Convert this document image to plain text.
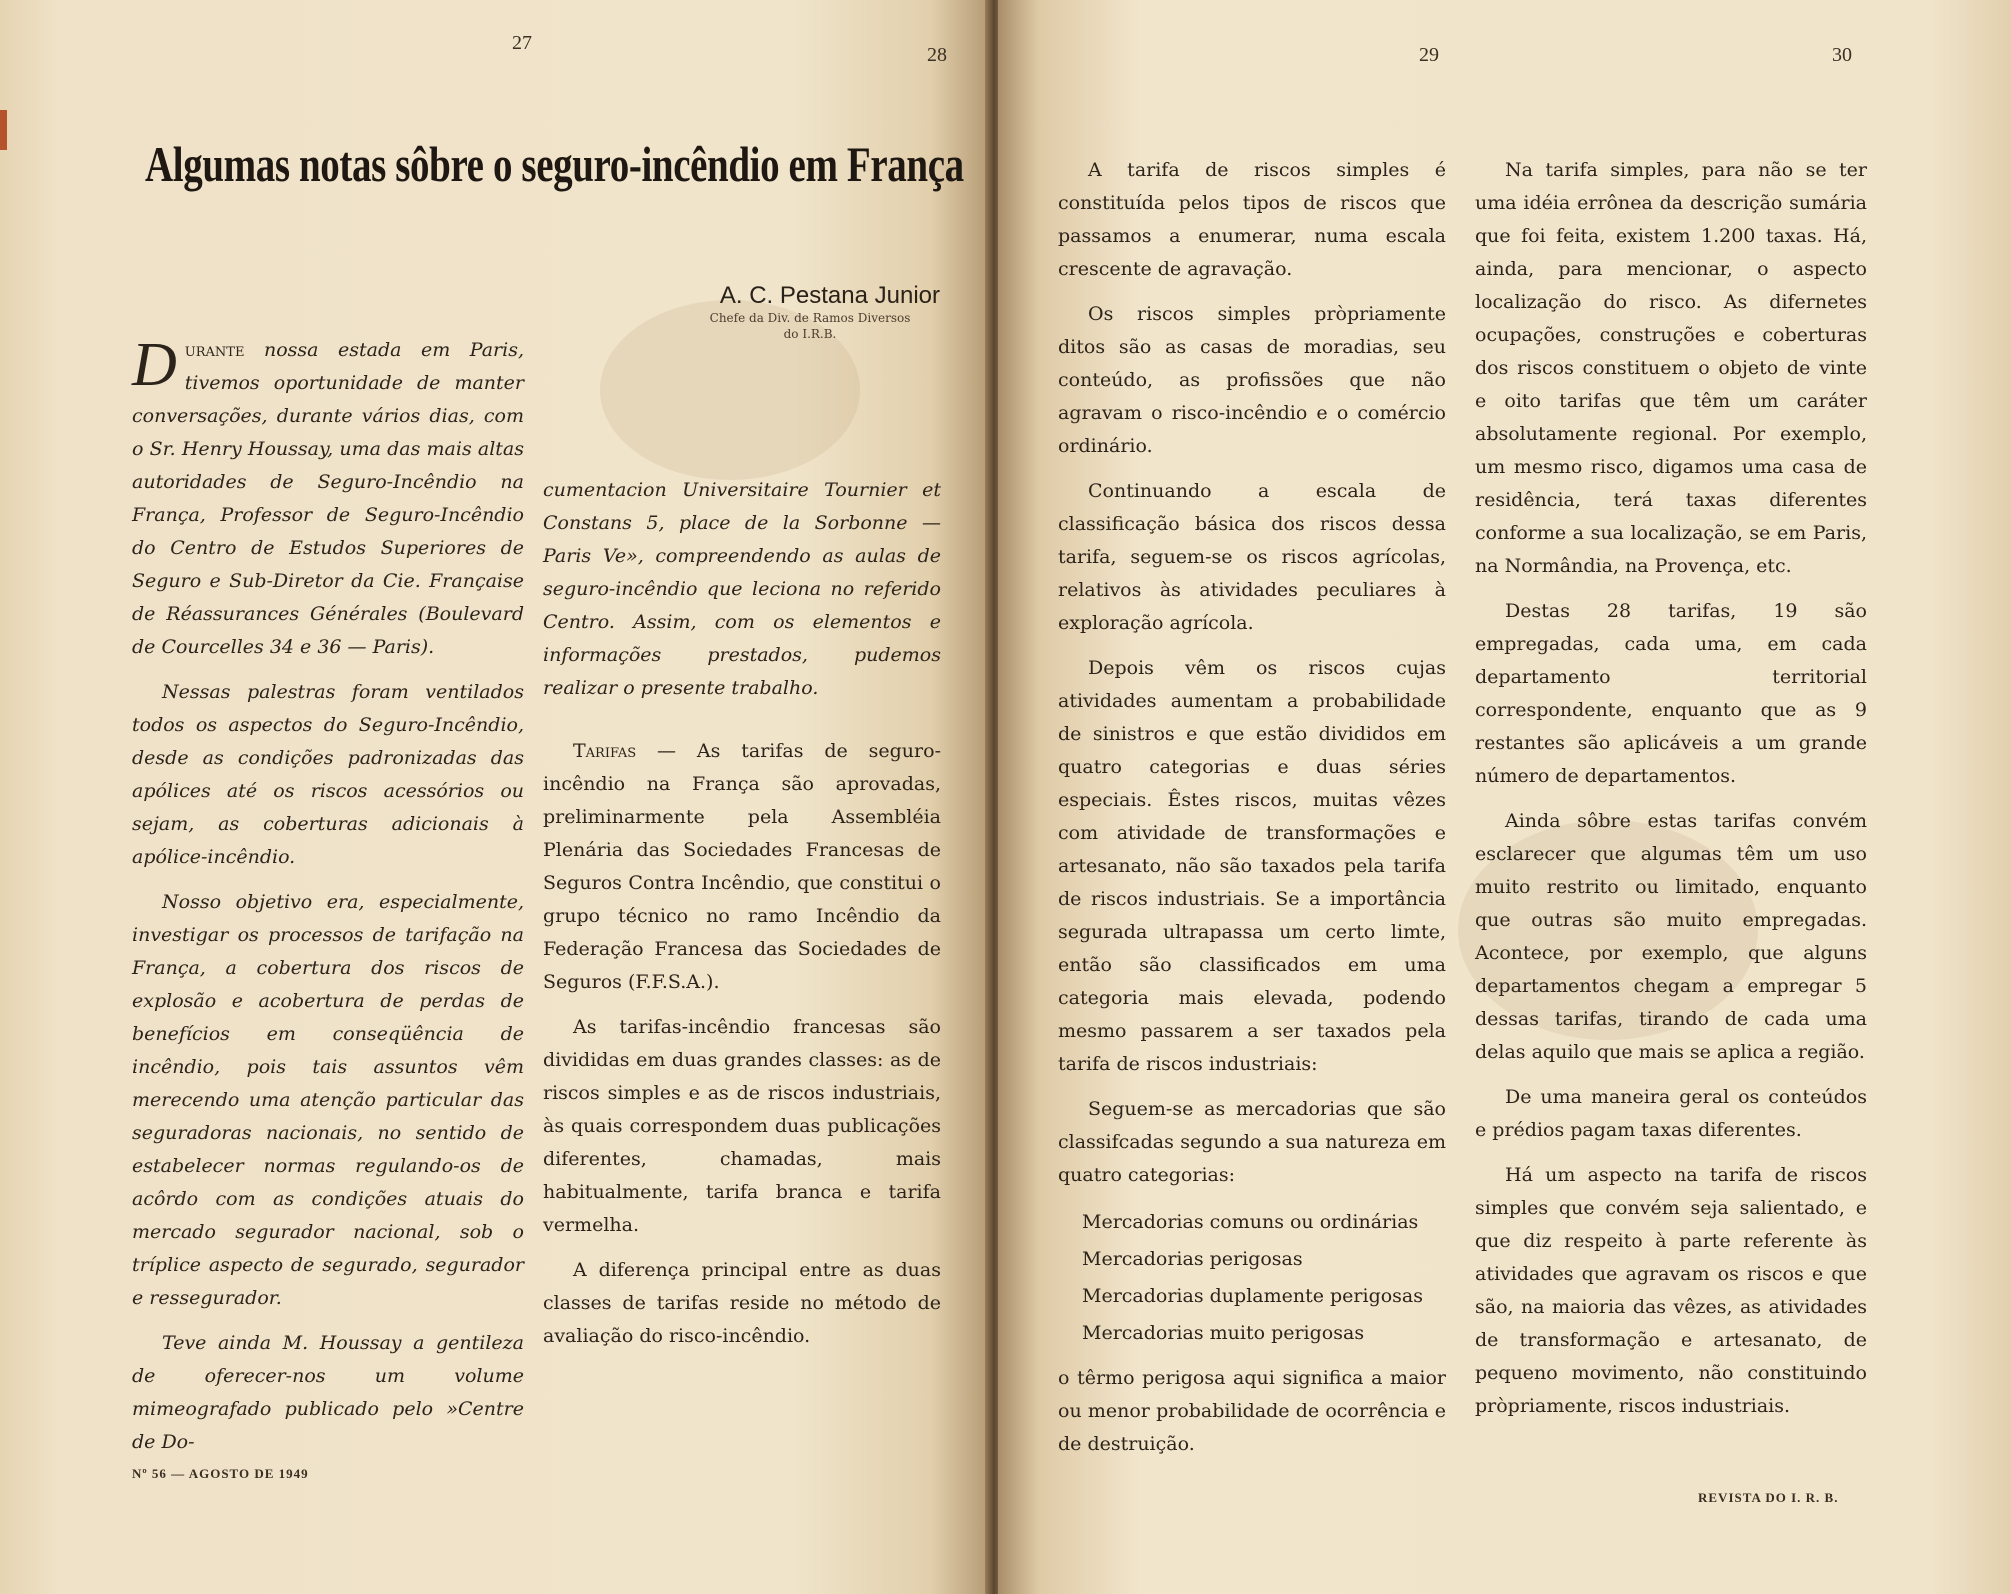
27
28
Algumas notas sôbre o seguro-incêndio em França
A. C. Pestana Junior
Chefe da Div. de Ramos Diversos
do I.R.B.

Durante nossa estada em Paris, tivemos oportunidade de manter conversações, durante vários dias, com o Sr. Henry Houssay, uma das mais altas autoridades de Seguro-Incêndio na França, Professor de Seguro-Incêndio do Centro de Estudos Superiores de Seguro e Sub-Diretor da Cie. Française de Réassurances Générales (Boulevard de Courcelles 34 e 36 — Paris).

Nessas palestras foram ventilados todos os aspectos do Seguro-Incêndio, desde as condições padronizadas das apólices até os riscos acessórios ou sejam, as coberturas adicionais à apólice-incêndio.

Nosso objetivo era, especialmente, investigar os processos de tarifação na França, a cobertura dos riscos de explosão e acobertura de perdas de benefícios em conseqüência de incêndio, pois tais assuntos vêm merecendo uma atenção particular das seguradoras nacionais, no sentido de estabelecer normas regulando-os de acôrdo com as condições atuais do mercado segurador nacional, sob o tríplice aspecto de segurado, segurador e ressegurador.

Teve ainda M. Houssay a gentileza de oferecer-nos um volume mimeografado publicado pelo »Centre de Do-

cumentacion Universitaire Tournier et Constans 5, place de la Sorbonne — Paris Ve», compreendendo as aulas de seguro-incêndio que leciona no referido Centro. Assim, com os elementos e informações prestados, pudemos realizar o presente trabalho.

Tarifas — As tarifas de seguro-incêndio na França são aprovadas, preliminarmente pela Assembléia Plenária das Sociedades Francesas de Seguros Contra Incêndio, que constitui o grupo técnico no ramo Incêndio da Federação Francesa das Sociedades de Seguros (F.F.S.A.).

As tarifas-incêndio francesas são divididas em duas grandes classes: as de riscos simples e as de riscos industriais, às quais correspondem duas publicações diferentes, chamadas, mais habitualmente, tarifa branca e tarifa vermelha.

A diferença principal entre as duas classes de tarifas reside no método de avaliação do risco-incêndio.

Nº 56 — AGOSTO DE 1949
29	30

A tarifa de riscos simples é constituída pelos tipos de riscos que passamos a enumerar, numa escala crescente de agravação.

Os riscos simples pròpriamente ditos são as casas de moradias, seu conteúdo, as profissões que não agravam o risco-incêndio e o comércio ordinário.

Continuando a escala de classificação básica dos riscos dessa tarifa, seguem-se os riscos agrícolas, relativos às atividades peculiares à exploração agrícola.

Depois vêm os riscos cujas atividades aumentam a probabilidade de sinistros e que estão divididos em quatro categorias e duas séries especiais. Êstes riscos, muitas vêzes com atividade de transformações e artesanato, não são taxados pela tarifa de riscos industriais. Se a importância segurada ultrapassa um certo limte, então são classificados em uma categoria mais elevada, podendo mesmo passarem a ser taxados pela tarifa de riscos industriais:

Seguem-se as mercadorias que são classifcadas segundo a sua natureza em quatro categorias:

Mercadorias comuns ou ordinárias
Mercadorias perigosas
Mercadorias duplamente perigosas
Mercadorias muito perigosas

o têrmo perigosa aqui significa a maior ou menor probabilidade de ocorrência e de destruição.

Na tarifa simples, para não se ter uma idéia errônea da descrição sumária que foi feita, existem 1.200 taxas. Há, ainda, para mencionar, o aspecto localização do risco. As difernetes ocupações, construções e coberturas dos riscos constituem o objeto de vinte e oito tarifas que têm um caráter absolutamente regional. Por exemplo, um mesmo risco, digamos uma casa de residência, terá taxas diferentes conforme a sua localização, se em Paris, na Normândia, na Provença, etc.

Destas 28 tarifas, 19 são empregadas, cada uma, em cada departamento territorial correspondente, enquanto que as 9 restantes são aplicáveis a um grande número de departamentos.

Ainda sôbre estas tarifas convém esclarecer que algumas têm um uso muito restrito ou limitado, enquanto que outras são muito empregadas. Acontece, por exemplo, que alguns departamentos chegam a empregar 5 dessas tarifas, tirando de cada uma delas aquilo que mais se aplica a região.

De uma maneira geral os conteúdos e prédios pagam taxas diferentes.

Há um aspecto na tarifa de riscos simples que convém seja salientado, e que diz respeito à parte referente às atividades que agravam os riscos e que são, na maioria das vêzes, as atividades de transformação e artesanato, de pequeno movimento, não constituindo pròpriamente, riscos industriais.

REVISTA DO I. R. B.
